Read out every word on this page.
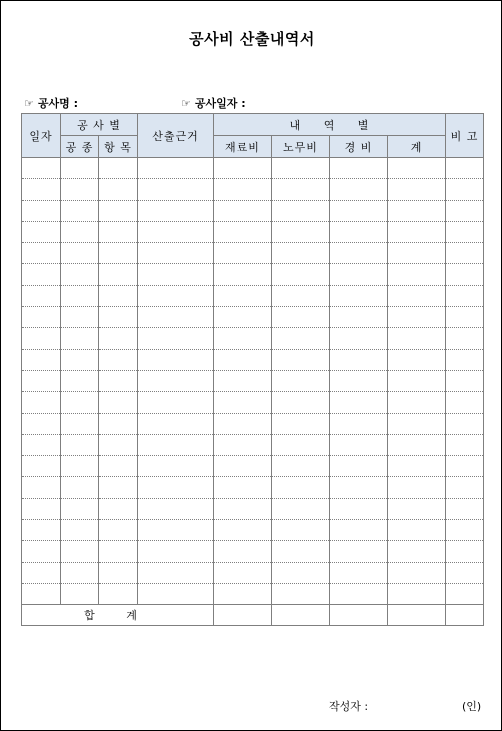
공사비 산출내역서
☞ 공사명 :	☞ 공사일자 :
일자	공 사 별		산출근거	내     역     별				비 고
	공 종	항 목		재료비	노무비	경 비	계	

합 계								
작성자 :	(인)
